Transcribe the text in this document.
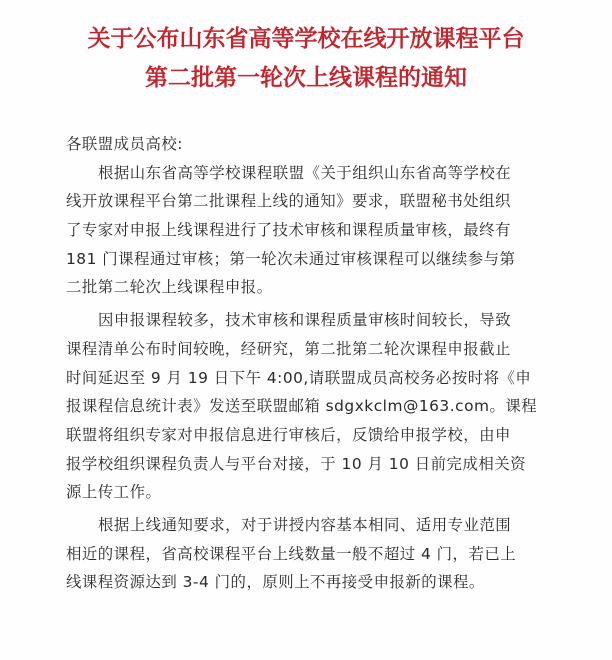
关于公布山东省高等学校在线开放课程平台
第二批第一轮次上线课程的通知
各联盟成员高校:
根据山东省高等学校课程联盟《关于组织山东省高等学校在
线开放课程平台第二批课程上线的通知》要求，联盟秘书处组织
了专家对申报上线课程进行了技术审核和课程质量审核，最终有
181 门课程通过审核；第一轮次未通过审核课程可以继续参与第
二批第二轮次上线课程申报。
因申报课程较多，技术审核和课程质量审核时间较长，导致
课程清单公布时间较晚，经研究，第二批第二轮次课程申报截止
时间延迟至 9 月 19 日下午 4:00,请联盟成员高校务必按时将《申
报课程信息统计表》发送至联盟邮箱 sdgxkclm@163.com。课程
联盟将组织专家对申报信息进行审核后，反馈给申报学校，由申
报学校组织课程负责人与平台对接，于 10 月 10 日前完成相关资
源上传工作。
根据上线通知要求，对于讲授内容基本相同、适用专业范围
相近的课程，省高校课程平台上线数量一般不超过 4 门，若已上
线课程资源达到 3-4 门的，原则上不再接受申报新的课程。
